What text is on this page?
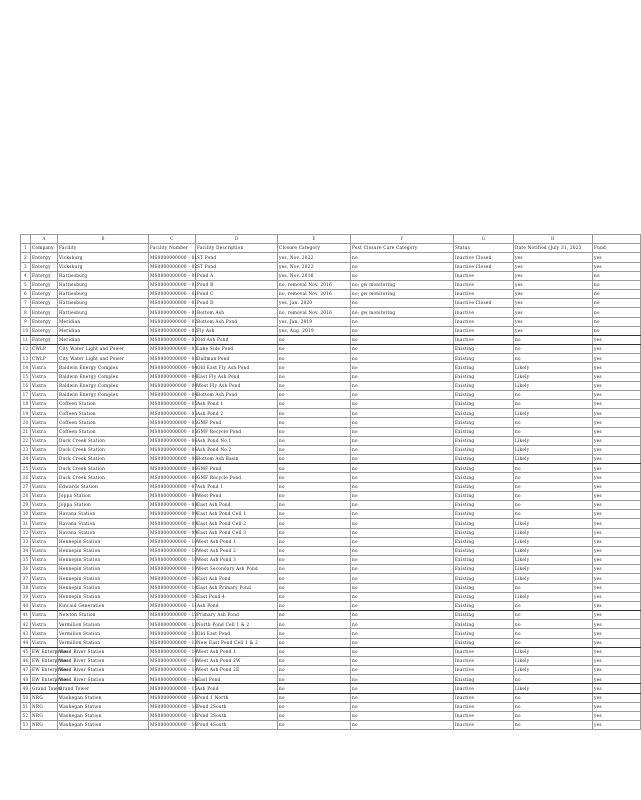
	A	B	C	D	E	F	G	H	
1	Company	Facility	Facility Number	Facility Description	Closure Category	Post Closure Care Category	Status	Date Notified (July 31, 2023	Fund
2	Entergy	Vicksburg	MS0000000000 - 01	ST Pond	yes, Nov. 2022	no	Inactive Closed	yes	yes
3	Entergy	Vicksburg	MS0000000000 - 02	ST Pond	yes, Nov. 2022	no	Inactive Closed	yes	yes
4	Entergy	Hattiesburg	MS0000000000 - 01	Pond A	yes, Nov. 2016	no	Inactive	yes	no
5	Entergy	Hattiesburg	MS0000000000 - 01	Pond B	no, removal Nov. 2016	no; gw monitoring	Inactive	yes	no
6	Entergy	Hattiesburg	MS0000000000 - 01	Pond C	no, removal Nov. 2016	no; gw monitoring	Inactive	yes	no
7	Entergy	Hattiesburg	MS0000000000 - 01	Pond D	yes, Jan. 2020	no	Inactive Closed	yes	no
8	Entergy	Hattiesburg	MS0000000000 - 01	Bottom Ash	no, removal Nov. 2016	no; gw monitoring	Inactive	yes	no
9	Entergy	Meridian	MS0000000000 - 02	Bottom Ash Pond	yes, Jan. 2019	no	Inactive	yes	no
10	Entergy	Meridian	MS0000000000 - 02	Fly Ash	yes, Aug. 2019	no	Inactive	yes	no
11	Entergy	Meridian	MS0000000000 - 02	Old Ash Pond	no	no	Inactive	no	yes
12	CWLP	City Water Light and Power	MS0000000000 - 03	Lake Side Pond	no	no	Existing	no	yes
13	CWLP	City Water Light and Power	MS0000000000 - 03	Dallman Pond	no	no	Existing	no	yes
14	Vistra	Baldwin Energy Complex	MS0000000000 - 04	Old East Fly Ash Pond	no	no	Existing	Likely	yes
15	Vistra	Baldwin Energy Complex	MS0000000000 - 04	East Fly Ash Pond	no	no	Existing	Likely	yes
16	Vistra	Baldwin Energy Complex	MS0000000000 - 04	West Fly Ash Pond	no	no	Existing	Likely	yes
17	Vistra	Baldwin Energy Complex	MS0000000000 - 04	Bottom Ash Pond	no	no	Existing	no	yes
18	Vistra	Coffeen Station	MS0000000000 - 05	Ash Pond 1	no	no	Existing	no	yes
19	Vistra	Coffeen Station	MS0000000000 - 05	Ash Pond 2	no	no	Existing	Likely	yes
20	Vistra	Coffeen Station	MS0000000000 - 05	GMF Pond	no	no	Existing	no	yes
21	Vistra	Coffeen Station	MS0000000000 - 05	GMF Recycle Pond	no	no	Existing	no	yes
22	Vistra	Duck Creek Station	MS0000000000 - 06	Ash Pond No.1	no	no	Existing	Likely	yes
23	Vistra	Duck Creek Station	MS0000000000 - 06	Ash Pond No.2	no	no	Existing	Likely	yes
24	Vistra	Duck Creek Station	MS0000000000 - 06	Bottom Ash Basin	no	no	Existing	Likely	yes
25	Vistra	Duck Creek Station	MS0000000000 - 06	GMF Pond	no	no	Existing	no	yes
26	Vistra	Duck Creek Station	MS0000000000 - 06	GMF Recycle Pond	no	no	Existing	no	yes
27	Vistra	Edwards Station	MS0000000000 - 07	Ash Pond 1	no	no	Existing	no	yes
28	Vistra	Joppa Station	MS0000000000 - 08	West Pond	no	no	Existing	no	yes
29	Vistra	Joppa Station	MS0000000000 - 08	East Ash Pond	no	no	Existing	no	yes
30	Vistra	Havana Station	MS0000000000 - 09	East Ash Pond Cell 1	no	no	Existing	no	yes
31	Vistra	Havana Station	MS0000000000 - 09	East Ash Pond Cell 2	no	no	Existing	Likely	yes
32	Vistra	Havana Station	MS0000000000 - 09	East Ash Pond Cell 3	no	no	Existing	Likely	yes
33	Vistra	Hennepin Station	MS0000000000 - 10	West Ash Pond 1	no	no	Existing	Likely	yes
34	Vistra	Hennepin Station	MS0000000000 - 10	West Ash Pond 2	no	no	Existing	Likely	yes
35	Vistra	Hennepin Station	MS0000000000 - 10	West Ash Pond 3	no	no	Existing	Likely	yes
36	Vistra	Hennepin Station	MS0000000000 - 10	West Secondary Ash Pond	no	no	Existing	Likely	yes
37	Vistra	Hennepin Station	MS0000000000 - 10	East Ash Pond	no	no	Existing	Likely	yes
38	Vistra	Hennepin Station	MS0000000000 - 10	East Ash Primary Pond	no	no	Existing	no	yes
39	Vistra	Hennepin Station	MS0000000000 - 10	East Pond 4	no	no	Existing	Likely	yes
40	Vistra	Kincaid Generation	MS0000000000 - 11	Ash Pond	no	no	Existing	no	yes
41	Vistra	Newton Station	MS0000000000 - 12	Primary Ash Pond	no	no	Existing	no	yes
42	Vistra	Vermilion Station	MS0000000000 - 13	North Pond Cell 1 & 2	no	no	Existing	no	yes
43	Vistra	Vermilion Station	MS0000000000 - 13	Old East Pond	no	no	Existing	no	yes
44	Vistra	Vermilion Station	MS0000000000 - 13	New East Pond Cell 1 & 2	no	no	Existing	no	yes
45	EW Enterprises	Wood River Station	MS0000000000 - 14	West Ash Pond 1	no	no	Inactive	Likely	yes
46	EW Enterprises	Wood River Station	MS0000000000 - 14	West Ash Pond 2W	no	no	Inactive	Likely	yes
47	EW Enterprises	Wood River Station	MS0000000000 - 14	West Ash Pond 2E	no	no	Inactive	Likely	yes
48	EW Enterprises	Wood River Station	MS0000000000 - 14	East Pond	no	no	Existing	no	yes
49	Grand Tower	Grand Tower	MS0000000000 - 15	Ash Pond	no	no	Inactive	Likely	yes
50	NRG	Waukegan Station	MS0000000000 - 16	Pond 1 North	no	no	Inactive	no	yes
51	NRG	Waukegan Station	MS0000000000 - 16	Pond 2South	no	no	Inactive	no	yes
52	NRG	Waukegan Station	MS0000000000 - 16	Pond 3South	no	no	Inactive	no	yes
53	NRG	Waukegan Station	MS0000000000 - 16	Pond 4South	no	no	Inactive	no	yes
